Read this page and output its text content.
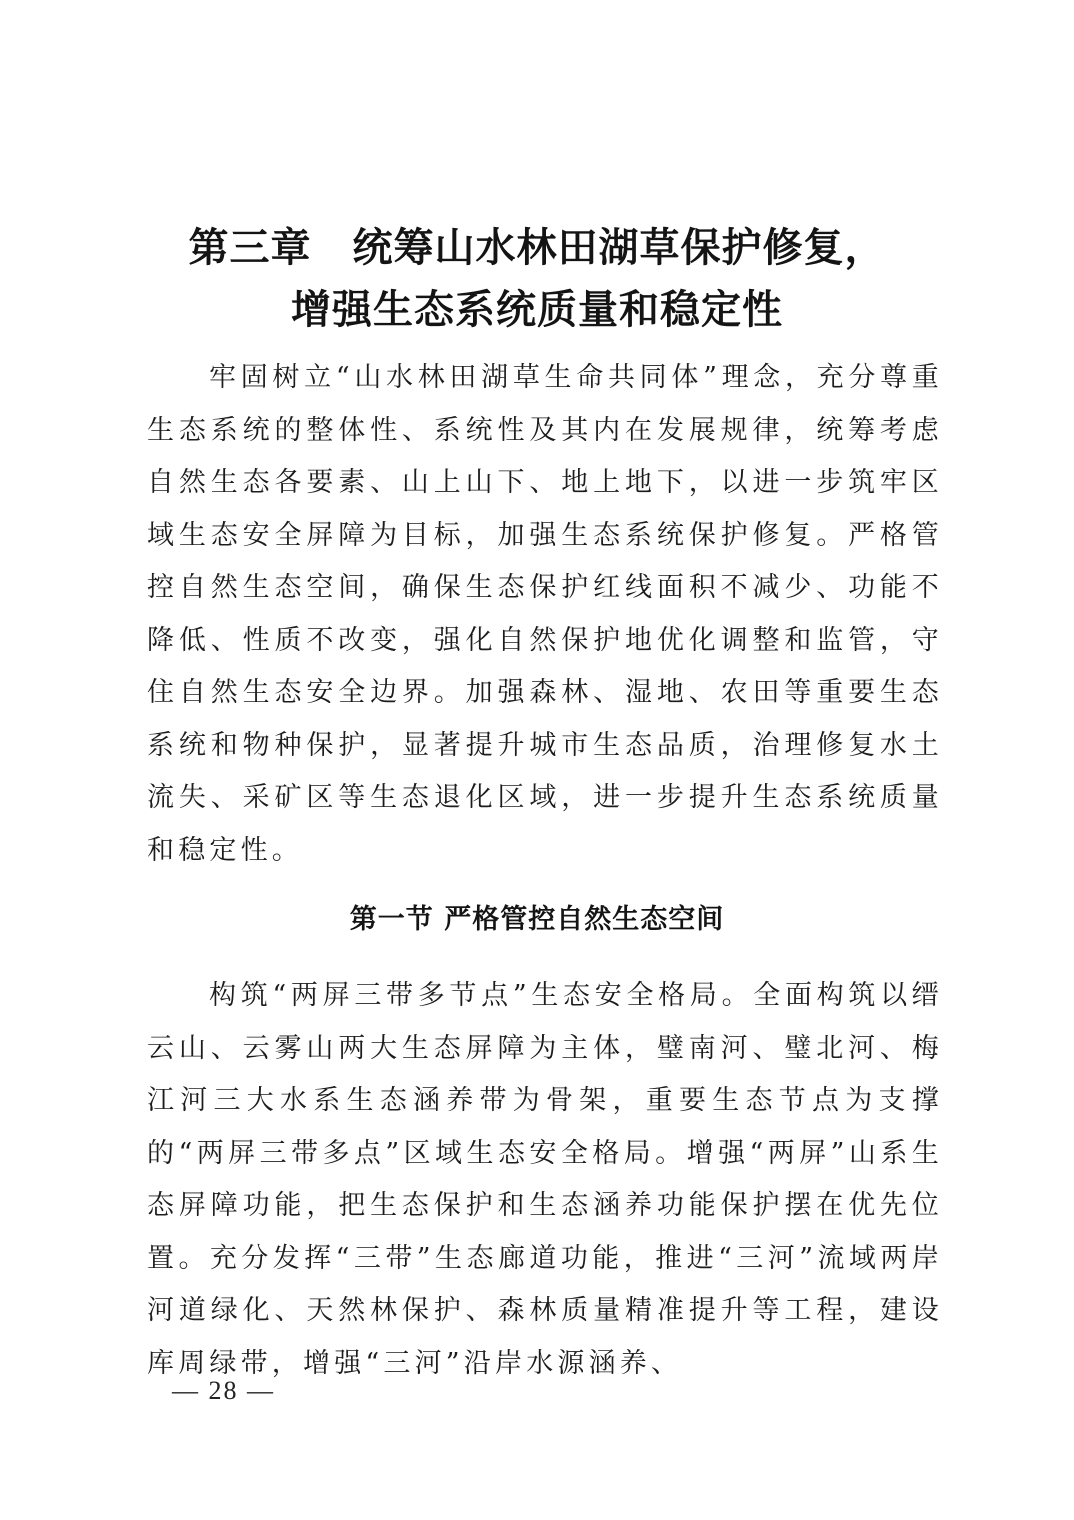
第三章　统筹山水林田湖草保护修复，
增强生态系统质量和稳定性

牢固树立“山水林田湖草生命共同体”理念，充分尊重生态系统的整体性、系统性及其内在发展规律，统筹考虑自然生态各要素、山上山下、地上地下，以进一步筑牢区域生态安全屏障为目标，加强生态系统保护修复。严格管控自然生态空间，确保生态保护红线面积不减少、功能不降低、性质不改变，强化自然保护地优化调整和监管，守住自然生态安全边界。加强森林、湿地、农田等重要生态系统和物种保护，显著提升城市生态品质，治理修复水土流失、采矿区等生态退化区域，进一步提升生态系统质量和稳定性。

第一节 严格管控自然生态空间

构筑“两屏三带多节点”生态安全格局。全面构筑以缙云山、云雾山两大生态屏障为主体，璧南河、璧北河、梅江河三大水系生态涵养带为骨架，重要生态节点为支撑的“两屏三带多点”区域生态安全格局。增强“两屏”山系生态屏障功能，把生态保护和生态涵养功能保护摆在优先位置。充分发挥“三带”生态廊道功能，推进“三河”流域两岸河道绿化、天然林保护、森林质量精准提升等工程，建设库周绿带，增强“三河”沿岸水源涵养、

— 28 —
